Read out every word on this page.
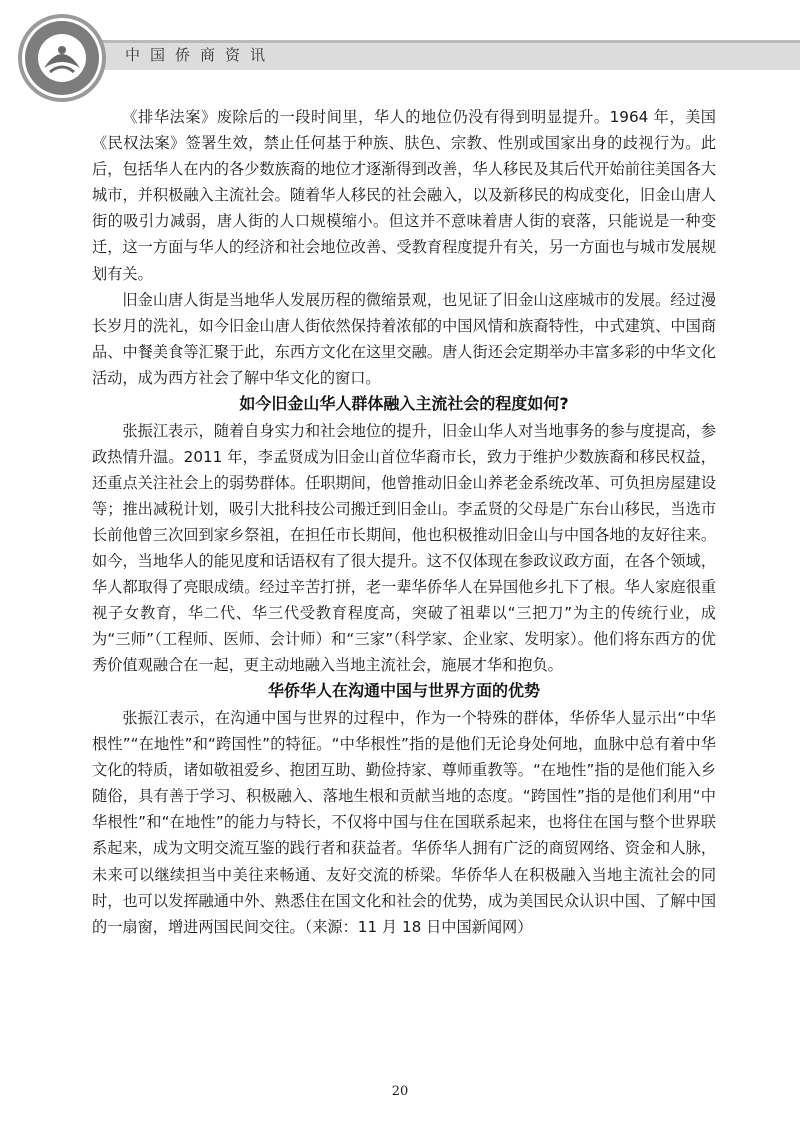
中国侨商资讯

《排华法案》废除后的一段时间里，华人的地位仍没有得到明显提升。1964 年，美国《民权法案》签署生效，禁止任何基于种族、肤色、宗教、性别或国家出身的歧视行为。此后，包括华人在内的各少数族裔的地位才逐渐得到改善，华人移民及其后代开始前往美国各大城市，并积极融入主流社会。随着华人移民的社会融入，以及新移民的构成变化，旧金山唐人街的吸引力减弱，唐人街的人口规模缩小。但这并不意味着唐人街的衰落，只能说是一种变迁，这一方面与华人的经济和社会地位改善、受教育程度提升有关，另一方面也与城市发展规划有关。

旧金山唐人街是当地华人发展历程的微缩景观，也见证了旧金山这座城市的发展。经过漫长岁月的洗礼，如今旧金山唐人街依然保持着浓郁的中国风情和族裔特性，中式建筑、中国商品、中餐美食等汇聚于此，东西方文化在这里交融。唐人街还会定期举办丰富多彩的中华文化活动，成为西方社会了解中华文化的窗口。

如今旧金山华人群体融入主流社会的程度如何?

张振江表示，随着自身实力和社会地位的提升，旧金山华人对当地事务的参与度提高，参政热情升温。2011 年，李孟贤成为旧金山首位华裔市长，致力于维护少数族裔和移民权益，还重点关注社会上的弱势群体。任职期间，他曾推动旧金山养老金系统改革、可负担房屋建设等；推出减税计划，吸引大批科技公司搬迁到旧金山。李孟贤的父母是广东台山移民，当选市长前他曾三次回到家乡祭祖，在担任市长期间，他也积极推动旧金山与中国各地的友好往来。如今，当地华人的能见度和话语权有了很大提升。这不仅体现在参政议政方面，在各个领域，华人都取得了亮眼成绩。经过辛苦打拼，老一辈华侨华人在异国他乡扎下了根。华人家庭很重视子女教育，华二代、华三代受教育程度高，突破了祖辈以“三把刀”为主的传统行业，成为“三师”（工程师、医师、会计师）和“三家”（科学家、企业家、发明家）。他们将东西方的优秀价值观融合在一起，更主动地融入当地主流社会，施展才华和抱负。

华侨华人在沟通中国与世界方面的优势

张振江表示，在沟通中国与世界的过程中，作为一个特殊的群体，华侨华人显示出“中华根性”“在地性”和“跨国性”的特征。“中华根性”指的是他们无论身处何地，血脉中总有着中华文化的特质，诸如敬祖爱乡、抱团互助、勤俭持家、尊师重教等。“在地性”指的是他们能入乡随俗，具有善于学习、积极融入、落地生根和贡献当地的态度。“跨国性”指的是他们利用“中华根性”和“在地性”的能力与特长，不仅将中国与住在国联系起来，也将住在国与整个世界联系起来，成为文明交流互鉴的践行者和获益者。华侨华人拥有广泛的商贸网络、资金和人脉，未来可以继续担当中美往来畅通、友好交流的桥梁。华侨华人在积极融入当地主流社会的同时，也可以发挥融通中外、熟悉住在国文化和社会的优势，成为美国民众认识中国、了解中国的一扇窗，增进两国民间交往。（来源：11 月 18 日中国新闻网）

20
